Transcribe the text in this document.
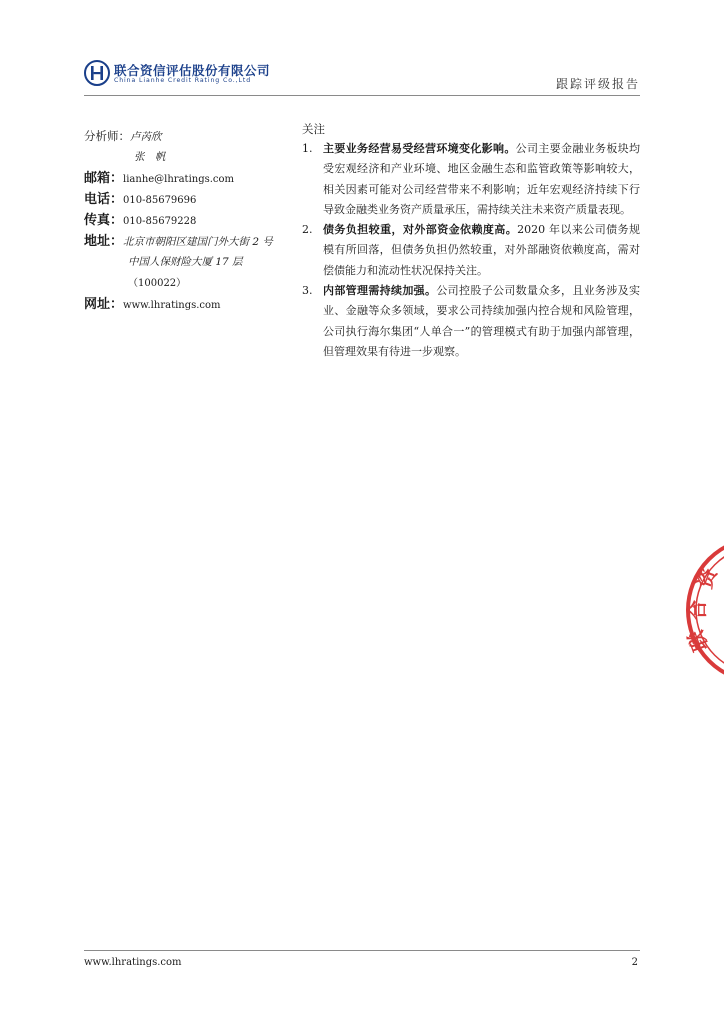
联合资信评估股份有限公司
China Lianhe Credit Rating Co.,Ltd	跟踪评级报告
分析师：卢芮欣
张　帆
邮箱：lianhe@lhratings.com
电话：010-85679696
传真：010-85679228
地址：北京市朝阳区建国门外大街 2 号
中国人保财险大厦 17 层
（100022）
网址：www.lhratings.com
关注
1. 主要业务经营易受经营环境变化影响。公司主要金融业务板块均受宏观经济和产业环境、地区金融生态和监管政策等影响较大，相关因素可能对公司经营带来不利影响；近年宏观经济持续下行导致金融类业务资产质量承压，需持续关注未来资产质量表现。
2. 债务负担较重，对外部资金依赖度高。2020 年以来公司债务规模有所回落，但债务负担仍然较重，对外部融资依赖度高，需对偿债能力和流动性状况保持关注。
3. 内部管理需持续加强。公司控股子公司数量众多，且业务涉及实业、金融等众多领域，要求公司持续加强内控合规和风险管理，公司执行海尔集团“人单合一”的管理模式有助于加强内部管理，但管理效果有待进一步观察。
资
合
联
www.lhratings.com	2
